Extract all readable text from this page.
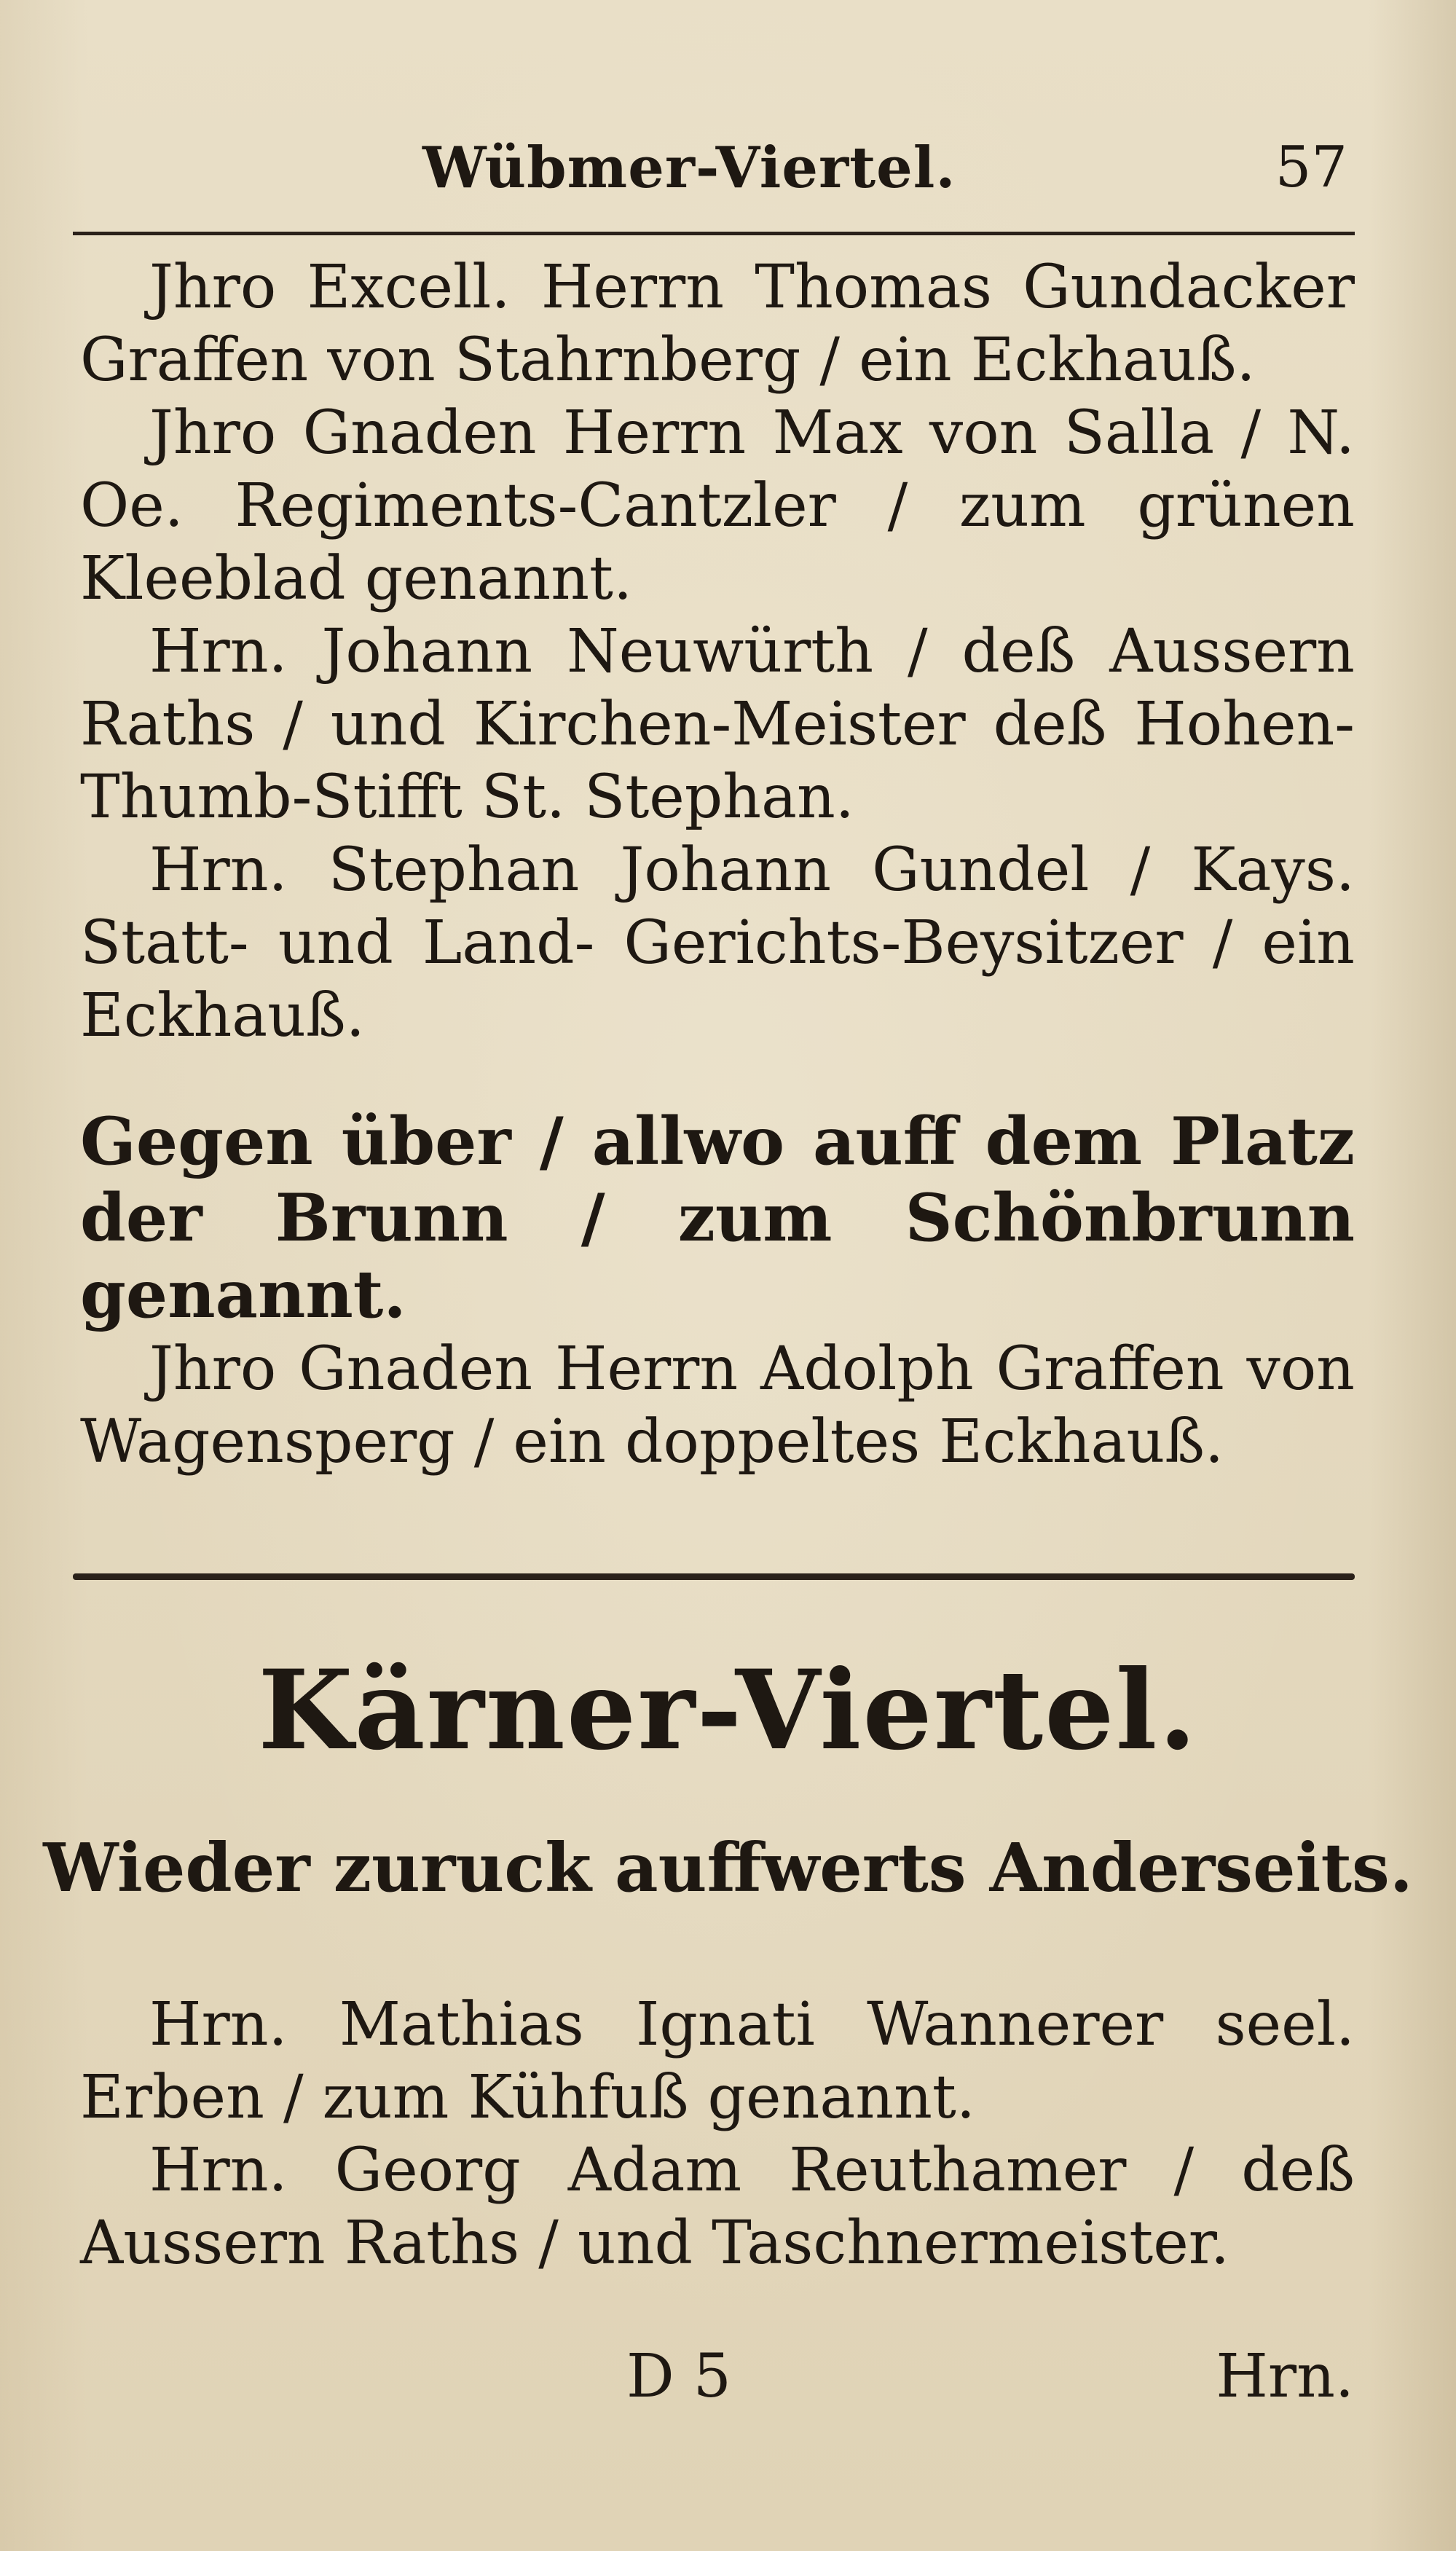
Wübmer-Viertel.	57

Jhro Excell. Herrn Thomas Gundacker Graffen von Stahrnberg / ein Eckhauß.

Jhro Gnaden Herrn Max von Salla / N. Oe. Regiments-Cantzler / zum grünen Kleeblad genannt.

Hrn. Johann Neuwürth / deß Aussern Raths / und Kirchen-Meister deß Hohen-Thumb-Stifft St. Stephan.

Hrn. Stephan Johann Gundel / Kays. Statt- und Land- Gerichts-Beysitzer / ein Eckhauß.

Gegen über / allwo auff dem Platz der Brunn / zum Schönbrunn genannt.

Jhro Gnaden Herrn Adolph Graffen von Wagensperg / ein doppeltes Eckhauß.

Kärner-Viertel.
Wieder zuruck auffwerts Anderseits.

Hrn. Mathias Ignati Wannerer seel. Erben / zum Kühfuß genannt.

Hrn. Georg Adam Reuthamer / deß Aussern Raths / und Taschnermeister.

D 5	Hrn.
